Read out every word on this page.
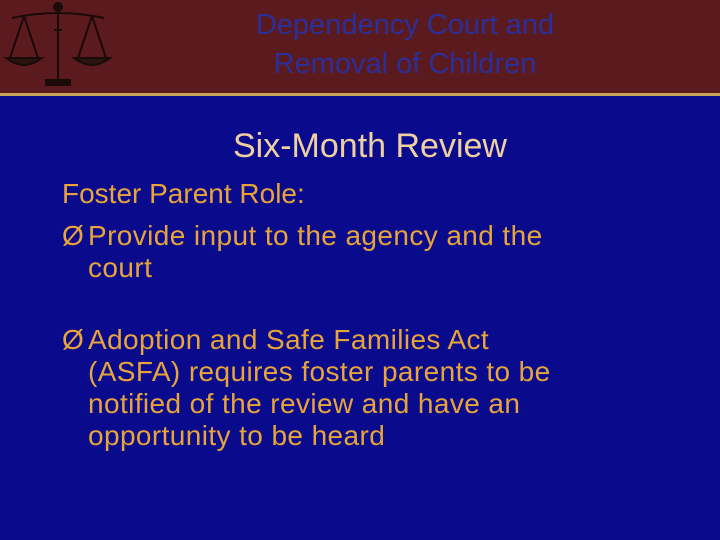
Dependency Court and
Removal of Children
Six-Month Review
Foster Parent Role:
Ø Provide input to the agency and the
court
Ø Adoption and Safe Families Act
(ASFA) requires foster parents to be
notified of the review and have an
opportunity to be heard
